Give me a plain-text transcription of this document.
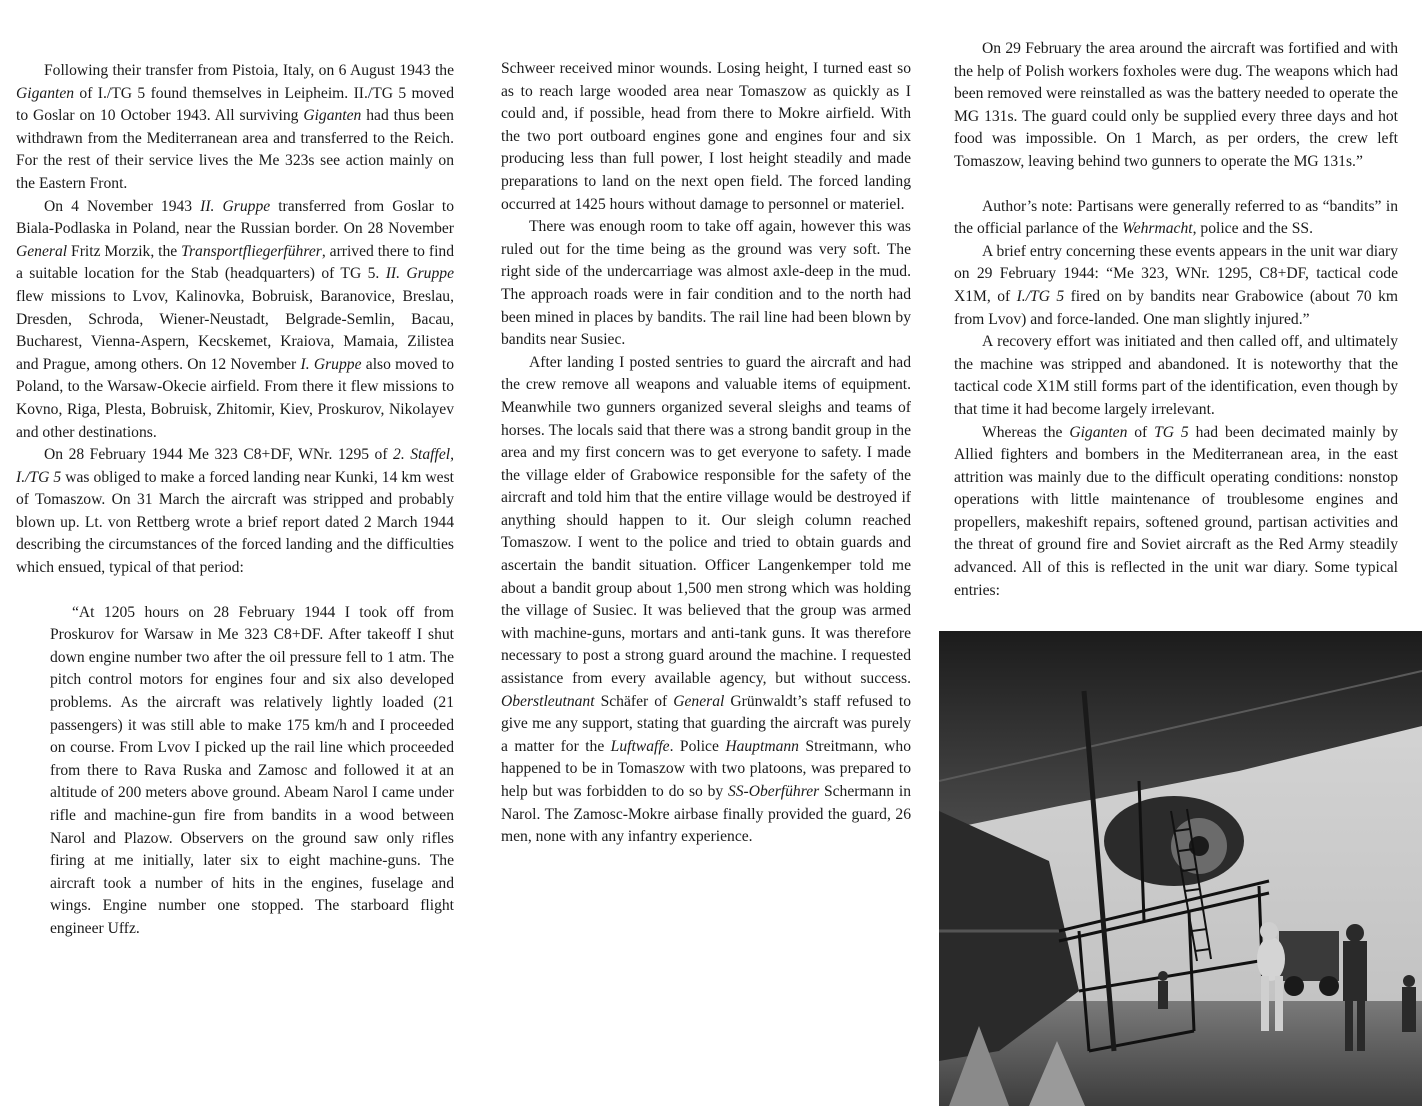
Following their transfer from Pistoia, Italy, on 6 August 1943 the Giganten of I./TG 5 found themselves in Leipheim. II./TG 5 moved to Goslar on 10 October 1943. All surviving Giganten had thus been withdrawn from the Mediterranean area and transferred to the Reich. For the rest of their service lives the Me 323s see action mainly on the Eastern Front.

On 4 November 1943 II. Gruppe transferred from Goslar to Biala-Podlaska in Poland, near the Russian border. On 28 November General Fritz Morzik, the Transportfliegerführer, arrived there to find a suitable location for the Stab (headquarters) of TG 5. II. Gruppe flew missions to Lvov, Kalinovka, Bobruisk, Baranovice, Breslau, Dresden, Schroda, Wiener-Neustadt, Belgrade-Semlin, Bacau, Bucharest, Vienna-Aspern, Kecskemet, Kraiova, Mamaia, Zilistea and Prague, among others. On 12 November I. Gruppe also moved to Poland, to the Warsaw-Okecie airfield. From there it flew missions to Kovno, Riga, Plesta, Bobruisk, Zhitomir, Kiev, Proskurov, Nikolayev and other destinations.

On 28 February 1944 Me 323 C8+DF, WNr. 1295 of 2. Staffel, I./TG 5 was obliged to make a forced landing near Kunki, 14 km west of Tomaszow. On 31 March the aircraft was stripped and probably blown up. Lt. von Rettberg wrote a brief report dated 2 March 1944 describing the circumstances of the forced landing and the difficulties which ensued, typical of that period:

“At 1205 hours on 28 February 1944 I took off from Proskurov for Warsaw in Me 323 C8+DF. After takeoff I shut down engine number two after the oil pressure fell to 1 atm. The pitch control motors for engines four and six also developed problems. As the aircraft was relatively lightly loaded (21 passengers) it was still able to make 175 km/h and I proceeded on course. From Lvov I picked up the rail line which proceeded from there to Rava Ruska and Zamosc and followed it at an altitude of 200 meters above ground. Abeam Narol I came under rifle and machine-gun fire from bandits in a wood between Narol and Plazow. Observers on the ground saw only rifles firing at me initially, later six to eight machine-guns. The aircraft took a number of hits in the engines, fuselage and wings. Engine number one stopped. The starboard flight engineer Uffz.

Schweer received minor wounds. Losing height, I turned east so as to reach large wooded area near Tomaszow as quickly as I could and, if possible, head from there to Mokre airfield. With the two port outboard engines gone and engines four and six producing less than full power, I lost height steadily and made preparations to land on the next open field. The forced landing occurred at 1425 hours without damage to personnel or materiel.

There was enough room to take off again, however this was ruled out for the time being as the ground was very soft. The right side of the undercarriage was almost axle-deep in the mud. The approach roads were in fair condition and to the north had been mined in places by bandits. The rail line had been blown by bandits near Susiec.

After landing I posted sentries to guard the aircraft and had the crew remove all weapons and valuable items of equipment. Meanwhile two gunners organized several sleighs and teams of horses. The locals said that there was a strong bandit group in the area and my first concern was to get everyone to safety. I made the village elder of Grabowice responsible for the safety of the aircraft and told him that the entire village would be destroyed if anything should happen to it. Our sleigh column reached Tomaszow. I went to the police and tried to obtain guards and ascertain the bandit situation. Officer Langenkemper told me about a bandit group about 1,500 men strong which was holding the village of Susiec. It was believed that the group was armed with machine-guns, mortars and anti-tank guns. It was therefore necessary to post a strong guard around the machine. I requested assistance from every available agency, but without success. Oberstleutnant Schäfer of General Grünwaldt’s staff refused to give me any support, stating that guarding the aircraft was purely a matter for the Luftwaffe. Police Hauptmann Streitmann, who happened to be in Tomaszow with two platoons, was prepared to help but was forbidden to do so by SS-Oberführer Schermann in Narol. The Zamosc-Mokre airbase finally provided the guard, 26 men, none with any infantry experience.

On 29 February the area around the aircraft was fortified and with the help of Polish workers foxholes were dug. The weapons which had been removed were reinstalled as was the battery needed to operate the MG 131s. The guard could only be supplied every three days and hot food was impossible. On 1 March, as per orders, the crew left Tomaszow, leaving behind two gunners to operate the MG 131s.”

Author’s note: Partisans were generally referred to as “bandits” in the official parlance of the Wehrmacht, police and the SS.

A brief entry concerning these events appears in the unit war diary on 29 February 1944: “Me 323, WNr. 1295, C8+DF, tactical code X1M, of I./TG 5 fired on by bandits near Grabowice (about 70 km from Lvov) and force-landed. One man slightly injured.”

A recovery effort was initiated and then called off, and ultimately the machine was stripped and abandoned. It is noteworthy that the tactical code X1M still forms part of the identification, even though by that time it had become largely irrelevant.

Whereas the Giganten of TG 5 had been decimated mainly by Allied fighters and bombers in the Mediterranean area, in the east attrition was mainly due to the difficult operating conditions: nonstop operations with little maintenance of troublesome engines and propellers, makeshift repairs, softened ground, partisan activities and the threat of ground fire and Soviet aircraft as the Red Army steadily advanced. All of this is reflected in the unit war diary. Some typical entries:
